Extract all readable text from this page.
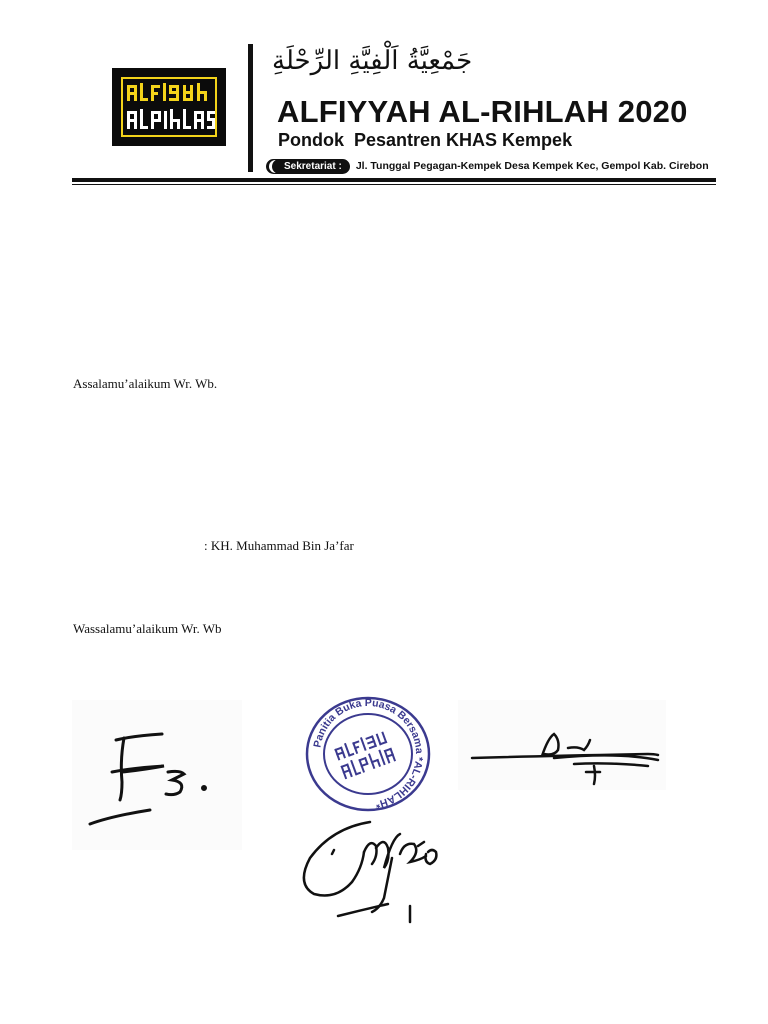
جَمْعِيَّةُ اَلْفِيَّةِ الرِّحْلَةِ
ALFIYYAH AL-RIHLAH 2020
Pondok  Pesantren KHAS Kempek
Sekretariat :	Jl. Tunggal Pegagan-Kempek Desa Kempek Kec, Gempol Kab. Cirebon
Assalamu’alaikum Wr. Wb.
: KH. Muhammad Bin Ja’far
Wassalamu’alaikum Wr. Wb
Panitia Buka Puasa Bersama *AL-RIHLAH*
